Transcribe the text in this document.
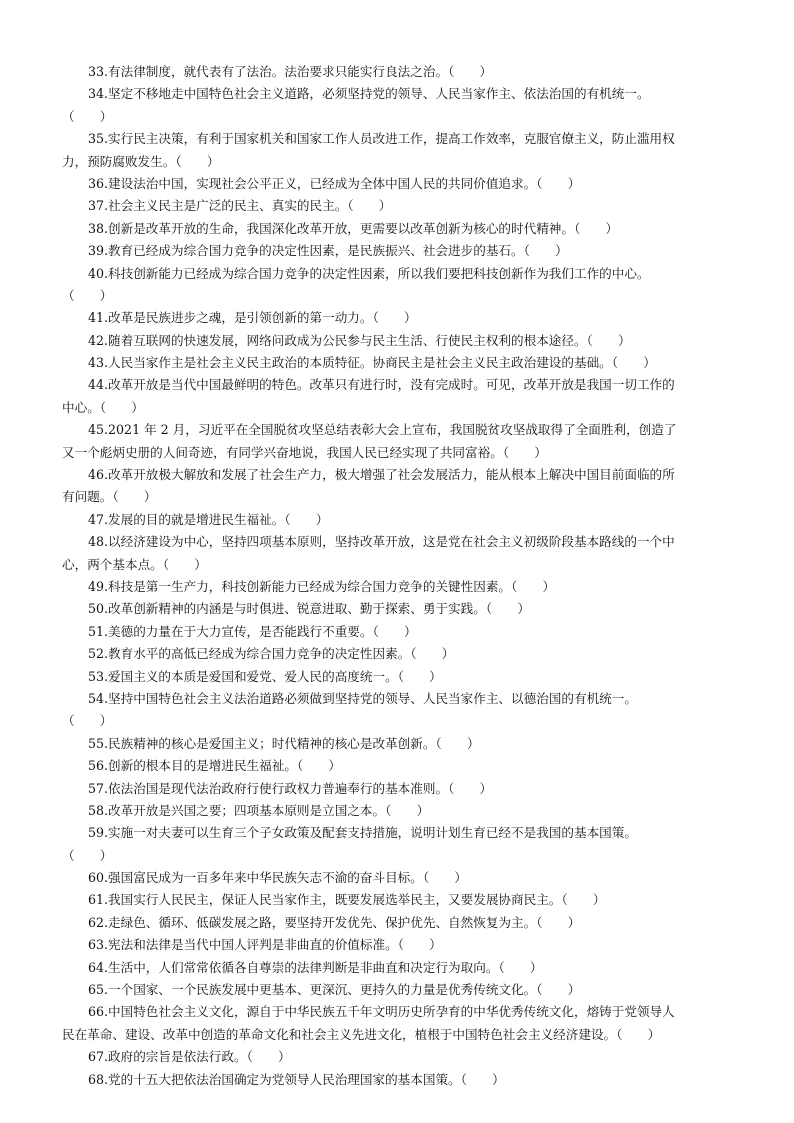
33.有法律制度，就代表有了法治。法治要求只能实行良法之治。（　　）
34.坚定不移地走中国特色社会主义道路，必须坚持党的领导、人民当家作主、依法治国的有机统一。
（　　）
35.实行民主决策，有利于国家机关和国家工作人员改进工作，提高工作效率，克服官僚主义，防止滥用权
力，预防腐败发生。（　　）
36.建设法治中国，实现社会公平正义，已经成为全体中国人民的共同价值追求。（　　）
37.社会主义民主是广泛的民主、真实的民主。（　　）
38.创新是改革开放的生命，我国深化改革开放，更需要以改革创新为核心的时代精神。（　　）
39.教育已经成为综合国力竞争的决定性因素，是民族振兴、社会进步的基石。（　　）
40.科技创新能力已经成为综合国力竞争的决定性因素，所以我们要把科技创新作为我们工作的中心。
（　　）
41.改革是民族进步之魂，是引领创新的第一动力。（　　）
42.随着互联网的快速发展，网络问政成为公民参与民主生活、行使民主权利的根本途径。（　　）
43.人民当家作主是社会主义民主政治的本质特征。协商民主是社会主义民主政治建设的基础。（　　）
44.改革开放是当代中国最鲜明的特色。改革只有进行时，没有完成时。可见，改革开放是我国一切工作的
中心。（　　）
45.2021 年 2 月，习近平在全国脱贫攻坚总结表彰大会上宣布，我国脱贫攻坚战取得了全面胜利，创造了
又一个彪炳史册的人间奇迹，有同学兴奋地说，我国人民已经实现了共同富裕。（　　）
46.改革开放极大解放和发展了社会生产力，极大增强了社会发展活力，能从根本上解决中国目前面临的所
有问题。（　　）
47.发展的目的就是增进民生福祉。（　　）
48.以经济建设为中心，坚持四项基本原则，坚持改革开放，这是党在社会主义初级阶段基本路线的一个中
心，两个基本点。（　　）
49.科技是第一生产力，科技创新能力已经成为综合国力竞争的关键性因素。（　　）
50.改革创新精神的内涵是与时俱进、锐意进取、勤于探索、勇于实践。（　　）
51.美德的力量在于大力宣传，是否能践行不重要。（　　）
52.教育水平的高低已经成为综合国力竞争的决定性因素。（　　）
53.爱国主义的本质是爱国和爱党、爱人民的高度统一。（　　）
54.坚持中国特色社会主义法治道路必须做到坚持党的领导、人民当家作主、以德治国的有机统一。
（　　）
55.民族精神的核心是爱国主义；时代精神的核心是改革创新。（　　）
56.创新的根本目的是增进民生福祉。（　　）
57.依法治国是现代法治政府行使行政权力普遍奉行的基本准则。（　　）
58.改革开放是兴国之要；四项基本原则是立国之本。（　　）
59.实施一对夫妻可以生育三个子女政策及配套支持措施，说明计划生育已经不是我国的基本国策。
（　　）
60.强国富民成为一百多年来中华民族矢志不渝的奋斗目标。（　　）
61.我国实行人民民主，保证人民当家作主，既要发展选举民主，又要发展协商民主。（　　）
62.走绿色、循环、低碳发展之路，要坚持开发优先、保护优先、自然恢复为主。（　　）
63.宪法和法律是当代中国人评判是非曲直的价值标准。（　　）
64.生活中，人们常常依循各自尊崇的法律判断是非曲直和决定行为取向。（　　）
65.一个国家、一个民族发展中更基本、更深沉、更持久的力量是优秀传统文化。（　　）
66.中国特色社会主义文化，源自于中华民族五千年文明历史所孕育的中华优秀传统文化，熔铸于党领导人
民在革命、建设、改革中创造的革命文化和社会主义先进文化，植根于中国特色社会主义经济建设。（　　）
67.政府的宗旨是依法行政。（　　）
68.党的十五大把依法治国确定为党领导人民治理国家的基本国策。（　　）
